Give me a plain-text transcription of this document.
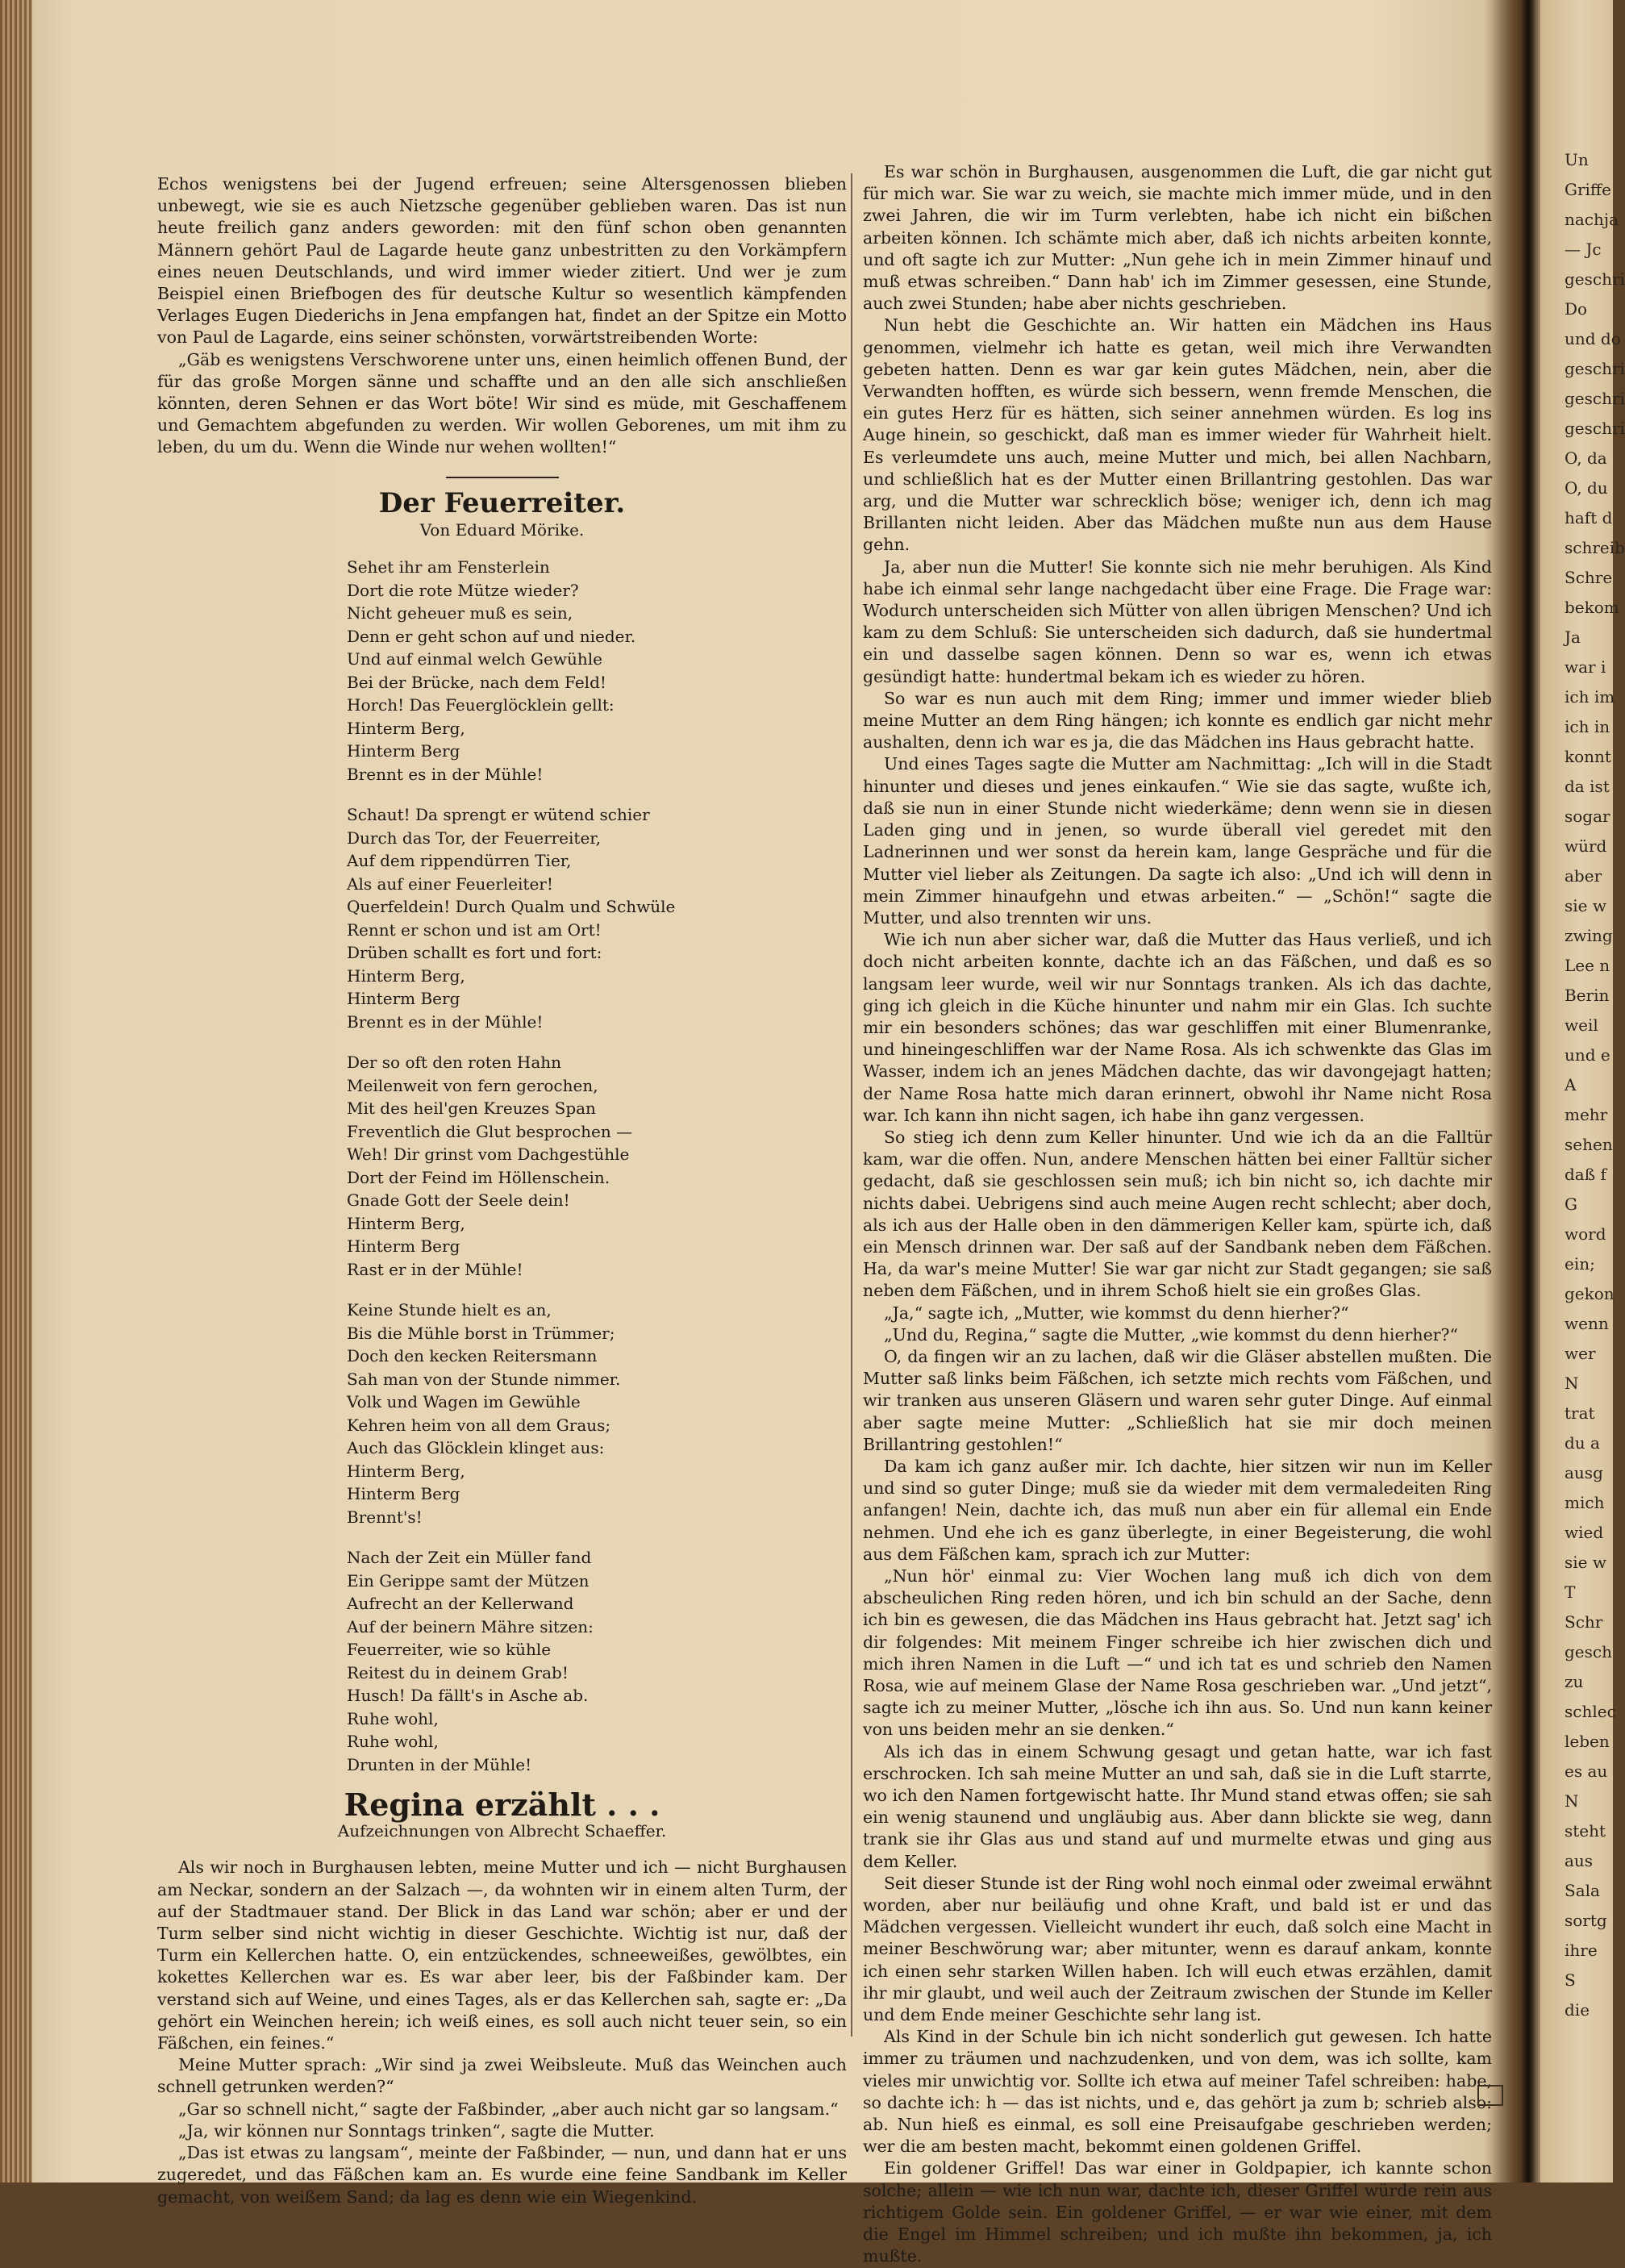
Echos wenigstens bei der Jugend erfreuen; seine Altersgenossen blieben unbewegt, wie sie es auch Nietzsche gegenüber geblieben waren. Das ist nun heute freilich ganz anders geworden: mit den fünf schon oben genannten Männern gehört Paul de Lagarde heute ganz unbestritten zu den Vorkämpfern eines neuen Deutschlands, und wird immer wieder zitiert. Und wer je zum Beispiel einen Briefbogen des für deutsche Kultur so wesentlich kämpfenden Verlages Eugen Diederichs in Jena empfangen hat, findet an der Spitze ein Motto von Paul de Lagarde, eins seiner schönsten, vorwärtstreibenden Worte:

„Gäb es wenigstens Verschworene unter uns, einen heimlich offenen Bund, der für das große Morgen sänne und schaffte und an den alle sich anschließen könnten, deren Sehnen er das Wort böte! Wir sind es müde, mit Geschaffenem und Gemachtem abgefunden zu werden. Wir wollen Geborenes, um mit ihm zu leben, du um du. Wenn die Winde nur wehen wollten!“

Der Feuerreiter.
Von Eduard Mörike.
Sehet ihr am Fensterlein
Dort die rote Mütze wieder?
Nicht geheuer muß es sein,
Denn er geht schon auf und nieder.
Und auf einmal welch Gewühle
Bei der Brücke, nach dem Feld!
Horch! Das Feuerglöcklein gellt:
Hinterm Berg,
Hinterm Berg
Brennt es in der Mühle!
Schaut! Da sprengt er wütend schier
Durch das Tor, der Feuerreiter,
Auf dem rippendürren Tier,
Als auf einer Feuerleiter!
Querfeldein! Durch Qualm und Schwüle
Rennt er schon und ist am Ort!
Drüben schallt es fort und fort:
Hinterm Berg,
Hinterm Berg
Brennt es in der Mühle!
Der so oft den roten Hahn
Meilenweit von fern gerochen,
Mit des heil'gen Kreuzes Span
Freventlich die Glut besprochen —
Weh! Dir grinst vom Dachgestühle
Dort der Feind im Höllenschein.
Gnade Gott der Seele dein!
Hinterm Berg,
Hinterm Berg
Rast er in der Mühle!
Keine Stunde hielt es an,
Bis die Mühle borst in Trümmer;
Doch den kecken Reitersmann
Sah man von der Stunde nimmer.
Volk und Wagen im Gewühle
Kehren heim von all dem Graus;
Auch das Glöcklein klinget aus:
Hinterm Berg,
Hinterm Berg
Brennt's!
Nach der Zeit ein Müller fand
Ein Gerippe samt der Mützen
Aufrecht an der Kellerwand
Auf der beinern Mähre sitzen:
Feuerreiter, wie so kühle
Reitest du in deinem Grab!
Husch! Da fällt's in Asche ab.
Ruhe wohl,
Ruhe wohl,
Drunten in der Mühle!
Regina erzählt . . .
Aufzeichnungen von Albrecht Schaeffer.

Als wir noch in Burghausen lebten, meine Mutter und ich — nicht Burghausen am Neckar, sondern an der Salzach —, da wohnten wir in einem alten Turm, der auf der Stadtmauer stand. Der Blick in das Land war schön; aber er und der Turm selber sind nicht wichtig in dieser Geschichte. Wichtig ist nur, daß der Turm ein Kellerchen hatte. O, ein entzückendes, schneeweißes, gewölbtes, ein kokettes Kellerchen war es. Es war aber leer, bis der Faßbinder kam. Der verstand sich auf Weine, und eines Tages, als er das Kellerchen sah, sagte er: „Da gehört ein Weinchen herein; ich weiß eines, es soll auch nicht teuer sein, so ein Fäßchen, ein feines.“

Meine Mutter sprach: „Wir sind ja zwei Weibsleute. Muß das Weinchen auch schnell getrunken werden?“

„Gar so schnell nicht,“ sagte der Faßbinder, „aber auch nicht gar so langsam.“

„Ja, wir können nur Sonntags trinken“, sagte die Mutter.

„Das ist etwas zu langsam“, meinte der Faßbinder, — nun, und dann hat er uns zugeredet, und das Fäßchen kam an. Es wurde eine feine Sandbank im Keller gemacht, von weißem Sand; da lag es denn wie ein Wiegenkind.

Es war schön in Burghausen, ausgenommen die Luft, die gar nicht gut für mich war. Sie war zu weich, sie machte mich immer müde, und in den zwei Jahren, die wir im Turm verlebten, habe ich nicht ein bißchen arbeiten können. Ich schämte mich aber, daß ich nichts arbeiten konnte, und oft sagte ich zur Mutter: „Nun gehe ich in mein Zimmer hinauf und muß etwas schreiben.“ Dann hab' ich im Zimmer gesessen, eine Stunde, auch zwei Stunden; habe aber nichts geschrieben.

Nun hebt die Geschichte an. Wir hatten ein Mädchen ins Haus genommen, vielmehr ich hatte es getan, weil mich ihre Verwandten gebeten hatten. Denn es war gar kein gutes Mädchen, nein, aber die Verwandten hofften, es würde sich bessern, wenn fremde Menschen, die ein gutes Herz für es hätten, sich seiner annehmen würden. Es log ins Auge hinein, so geschickt, daß man es immer wieder für Wahrheit hielt. Es verleumdete uns auch, meine Mutter und mich, bei allen Nachbarn, und schließlich hat es der Mutter einen Brillantring gestohlen. Das war arg, und die Mutter war schrecklich böse; weniger ich, denn ich mag Brillanten nicht leiden. Aber das Mädchen mußte nun aus dem Hause gehn.

Ja, aber nun die Mutter! Sie konnte sich nie mehr beruhigen. Als Kind habe ich einmal sehr lange nachgedacht über eine Frage. Die Frage war: Wodurch unterscheiden sich Mütter von allen übrigen Menschen? Und ich kam zu dem Schluß: Sie unterscheiden sich dadurch, daß sie hundertmal ein und dasselbe sagen können. Denn so war es, wenn ich etwas gesündigt hatte: hundertmal bekam ich es wieder zu hören.

So war es nun auch mit dem Ring; immer und immer wieder blieb meine Mutter an dem Ring hängen; ich konnte es endlich gar nicht mehr aushalten, denn ich war es ja, die das Mädchen ins Haus gebracht hatte.

Und eines Tages sagte die Mutter am Nachmittag: „Ich will in die Stadt hinunter und dieses und jenes einkaufen.“ Wie sie das sagte, wußte ich, daß sie nun in einer Stunde nicht wiederkäme; denn wenn sie in diesen Laden ging und in jenen, so wurde überall viel geredet mit den Ladnerinnen und wer sonst da herein kam, lange Gespräche und für die Mutter viel lieber als Zeitungen. Da sagte ich also: „Und ich will denn in mein Zimmer hinaufgehn und etwas arbeiten.“ — „Schön!“ sagte die Mutter, und also trennten wir uns.

Wie ich nun aber sicher war, daß die Mutter das Haus verließ, und ich doch nicht arbeiten konnte, dachte ich an das Fäßchen, und daß es so langsam leer wurde, weil wir nur Sonntags tranken. Als ich das dachte, ging ich gleich in die Küche hinunter und nahm mir ein Glas. Ich suchte mir ein besonders schönes; das war geschliffen mit einer Blumenranke, und hineingeschliffen war der Name Rosa. Als ich schwenkte das Glas im Wasser, indem ich an jenes Mädchen dachte, das wir davongejagt hatten; der Name Rosa hatte mich daran erinnert, obwohl ihr Name nicht Rosa war. Ich kann ihn nicht sagen, ich habe ihn ganz vergessen.

So stieg ich denn zum Keller hinunter. Und wie ich da an die Falltür kam, war die offen. Nun, andere Menschen hätten bei einer Falltür sicher gedacht, daß sie geschlossen sein muß; ich bin nicht so, ich dachte mir nichts dabei. Uebrigens sind auch meine Augen recht schlecht; aber doch, als ich aus der Halle oben in den dämmerigen Keller kam, spürte ich, daß ein Mensch drinnen war. Der saß auf der Sandbank neben dem Fäßchen. Ha, da war's meine Mutter! Sie war gar nicht zur Stadt gegangen; sie saß neben dem Fäßchen, und in ihrem Schoß hielt sie ein großes Glas.

„Ja,“ sagte ich, „Mutter, wie kommst du denn hierher?“

„Und du, Regina,“ sagte die Mutter, „wie kommst du denn hierher?“

O, da fingen wir an zu lachen, daß wir die Gläser abstellen mußten. Die Mutter saß links beim Fäßchen, ich setzte mich rechts vom Fäßchen, und wir tranken aus unseren Gläsern und waren sehr guter Dinge. Auf einmal aber sagte meine Mutter: „Schließlich hat sie mir doch meinen Brillantring gestohlen!“

Da kam ich ganz außer mir. Ich dachte, hier sitzen wir nun im Keller und sind so guter Dinge; muß sie da wieder mit dem vermaledeiten Ring anfangen! Nein, dachte ich, das muß nun aber ein für allemal ein Ende nehmen. Und ehe ich es ganz überlegte, in einer Begeisterung, die wohl aus dem Fäßchen kam, sprach ich zur Mutter:

„Nun hör' einmal zu: Vier Wochen lang muß ich dich von dem abscheulichen Ring reden hören, und ich bin schuld an der Sache, denn ich bin es gewesen, die das Mädchen ins Haus gebracht hat. Jetzt sag' ich dir folgendes: Mit meinem Finger schreibe ich hier zwischen dich und mich ihren Namen in die Luft —“ und ich tat es und schrieb den Namen Rosa, wie auf meinem Glase der Name Rosa geschrieben war. „Und jetzt“, sagte ich zu meiner Mutter, „lösche ich ihn aus. So. Und nun kann keiner von uns beiden mehr an sie denken.“

Als ich das in einem Schwung gesagt und getan hatte, war ich fast erschrocken. Ich sah meine Mutter an und sah, daß sie in die Luft starrte, wo ich den Namen fortgewischt hatte. Ihr Mund stand etwas offen; sie sah ein wenig staunend und ungläubig aus. Aber dann blickte sie weg, dann trank sie ihr Glas aus und stand auf und murmelte etwas und ging aus dem Keller.

Seit dieser Stunde ist der Ring wohl noch einmal oder zweimal erwähnt worden, aber nur beiläufig und ohne Kraft, und bald ist er und das Mädchen vergessen. Vielleicht wundert ihr euch, daß solch eine Macht in meiner Beschwörung war; aber mitunter, wenn es darauf ankam, konnte ich einen sehr starken Willen haben. Ich will euch etwas erzählen, damit ihr mir glaubt, und weil auch der Zeitraum zwischen der Stunde im Keller und dem Ende meiner Geschichte sehr lang ist.

Als Kind in der Schule bin ich nicht sonderlich gut gewesen. Ich hatte immer zu träumen und nachzudenken, und von dem, was ich sollte, kam vieles mir unwichtig vor. Sollte ich etwa auf meiner Tafel schreiben: habe, so dachte ich: h — das ist nichts, und e, das gehört ja zum b; schrieb also: ab. Nun hieß es einmal, es soll eine Preisaufgabe geschrieben werden; wer die am besten macht, bekommt einen goldenen Griffel.

Ein goldener Griffel! Das war einer in Goldpapier, ich kannte schon solche; allein — wie ich nun war, dachte ich, dieser Griffel würde rein aus richtigem Golde sein. Ein goldener Griffel, — er war wie einer, mit dem die Engel im Himmel schreiben; und ich mußte ihn bekommen, ja, ich mußte.

Un
Griffe
nachja
— Jc
geschri
Do
und do
geschri
geschri
geschri
O, da
O, du
haft d
schreib
Schre
bekom
Ja
war i
ich im
ich in
konnt
da ist
sogar
würd
aber
sie w
zwing
Lee n
Berin
weil
und e
A
mehr
sehen
daß f
G
word
ein;
gekon
wenn
wer
N
trat
du a
ausg
mich
wied
sie w
T
Schr
gesch
zu
schlec
leben
es au
N
steht
aus
Sala
sortg
ihre
S
die
